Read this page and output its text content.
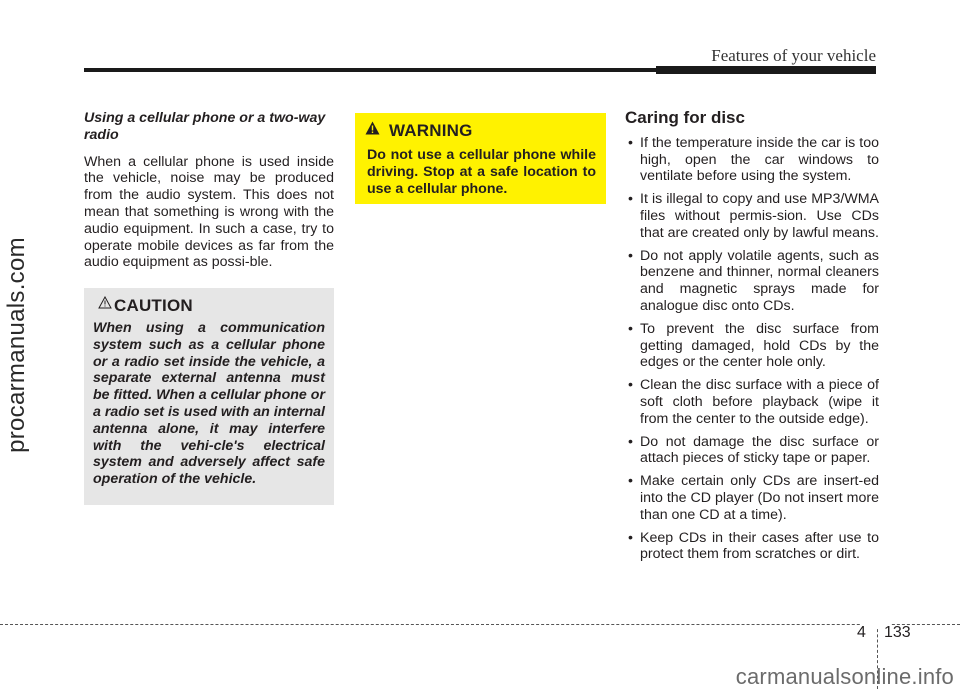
Features of your vehicle
procarmanuals.com

Using a cellular phone or a two-way radio

When a cellular phone is used inside the vehicle, noise may be produced from the audio system. This does not mean that something is wrong with the audio equipment. In such a case, try to operate mobile devices as far from the audio equipment as possi-ble.

CAUTION

When using a communication system such as a cellular phone or a radio set inside the vehicle, a separate external antenna must be fitted. When a cellular phone or a radio set is used with an internal antenna alone, it may interfere with the vehi-cle's electrical system and adversely affect safe operation of the vehicle.

WARNING

Do not use a cellular phone while driving. Stop at a safe location to use a cellular phone.

Caring for disc

• If the temperature inside the car is too high, open the car windows to ventilate before using the system.
• It is illegal to copy and use MP3/WMA files without permis-sion. Use CDs that are created only by lawful means.
• Do not apply volatile agents, such as benzene and thinner, normal cleaners and magnetic sprays made for analogue disc onto CDs.
• To prevent the disc surface from getting damaged, hold CDs by the edges or the center hole only.
• Clean the disc surface with a piece of soft cloth before playback (wipe it from the center to the outside edge).
• Do not damage the disc surface or attach pieces of sticky tape or paper.
• Make certain only CDs are insert-ed into the CD player (Do not insert more than one CD at a time).
• Keep CDs in their cases after use to protect them from scratches or dirt.
4 133
carmanualsonline.info
